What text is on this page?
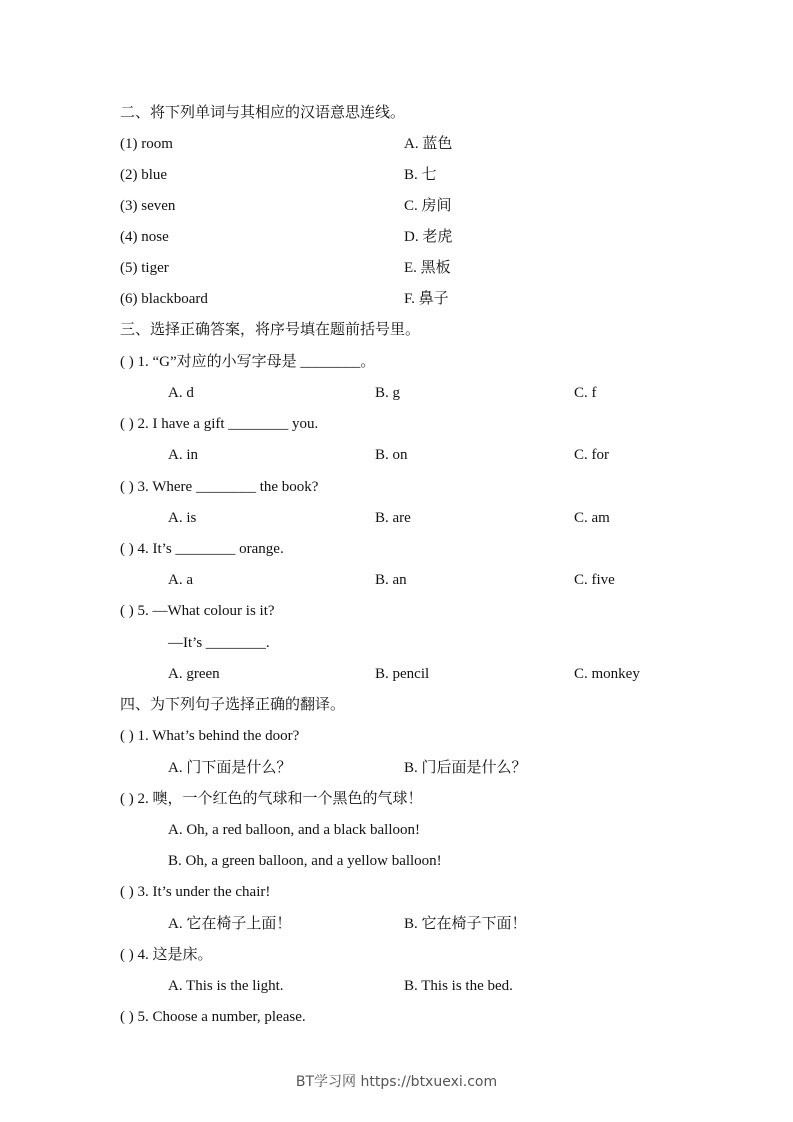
二、将下列单词与其相应的汉语意思连线。
(1) room	A. 蓝色
(2) blue	B. 七
(3) seven	C. 房间
(4) nose	D. 老虎
(5) tiger	E. 黑板
(6) blackboard	F. 鼻子
三、选择正确答案，将序号填在题前括号里。
( ) 1. “G”对应的小写字母是 ________。
A. d	B. g	C. f
( ) 2. I have a gift ________ you.
A. in	B. on	C. for
( ) 3. Where ________ the book?
A. is	B. are	C. am
( ) 4. It’s ________ orange.
A. a	B. an	C. five
( ) 5. —What colour is it?
—It’s ________.
A. green	B. pencil	C. monkey
四、为下列句子选择正确的翻译。
( ) 1. What’s behind the door?
A. 门下面是什么？	B. 门后面是什么？
( ) 2. 噢，一个红色的气球和一个黑色的气球！
A. Oh, a red balloon, and a black balloon!
B. Oh, a green balloon, and a yellow balloon!
( ) 3. It’s under the chair!
A. 它在椅子上面！	B. 它在椅子下面！
( ) 4. 这是床。
A. This is the light.	B. This is the bed.
( ) 5. Choose a number, please.
BT学习网 https://btxuexi.com
